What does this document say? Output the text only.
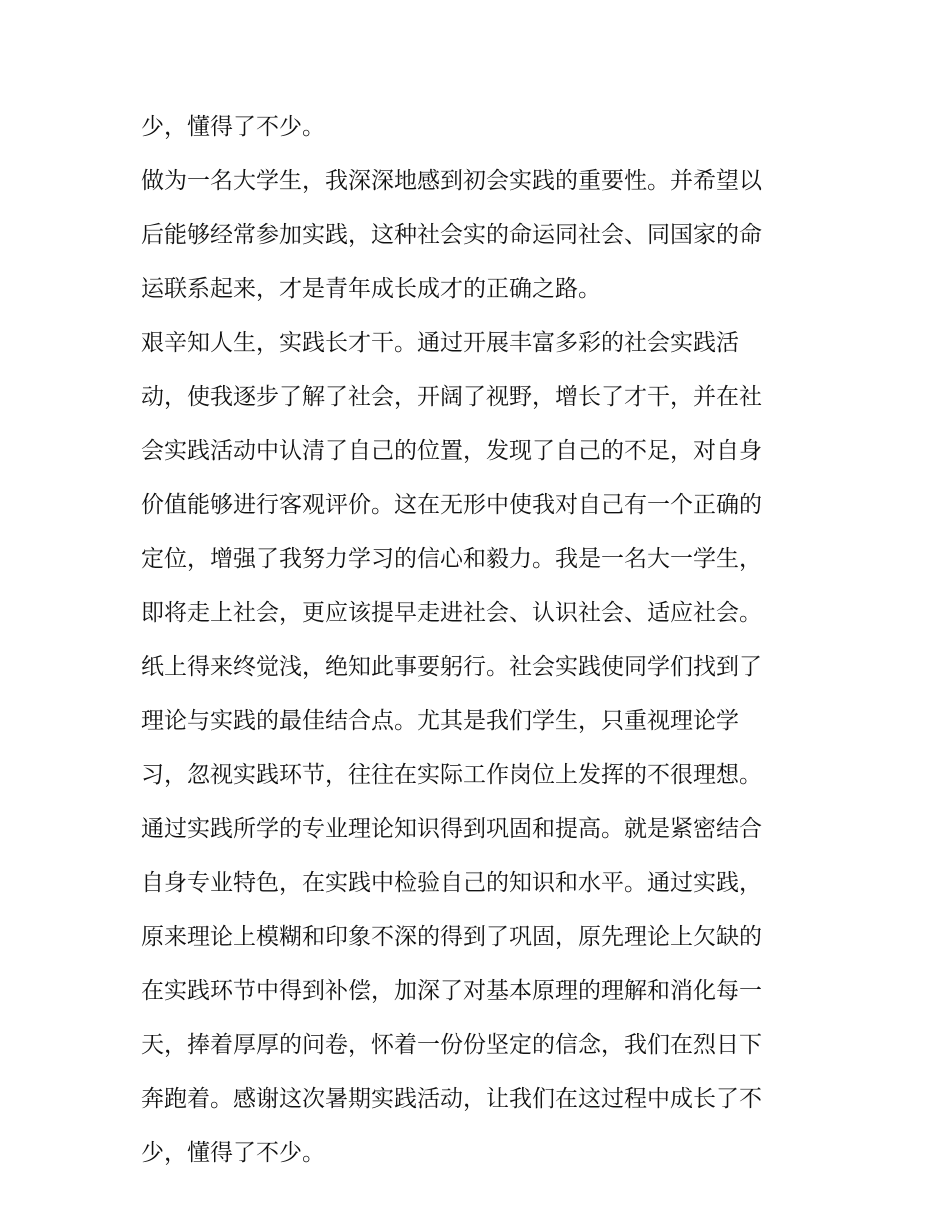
少，懂得了不少。
做为一名大学生，我深深地感到初会实践的重要性。并希望以
后能够经常参加实践，这种社会实的命运同社会、同国家的命
运联系起来，才是青年成长成才的正确之路。
艰辛知人生，实践长才干。通过开展丰富多彩的社会实践活
动，使我逐步了解了社会，开阔了视野，增长了才干，并在社
会实践活动中认清了自己的位置，发现了自己的不足，对自身
价值能够进行客观评价。这在无形中使我对自己有一个正确的
定位，增强了我努力学习的信心和毅力。我是一名大一学生，
即将走上社会，更应该提早走进社会、认识社会、适应社会。
纸上得来终觉浅，绝知此事要躬行。社会实践使同学们找到了
理论与实践的最佳结合点。尤其是我们学生，只重视理论学
习，忽视实践环节，往往在实际工作岗位上发挥的不很理想。
通过实践所学的专业理论知识得到巩固和提高。就是紧密结合
自身专业特色，在实践中检验自己的知识和水平。通过实践，
原来理论上模糊和印象不深的得到了巩固，原先理论上欠缺的
在实践环节中得到补偿，加深了对基本原理的理解和消化每一
天，捧着厚厚的问卷，怀着一份份坚定的信念，我们在烈日下
奔跑着。感谢这次暑期实践活动，让我们在这过程中成长了不
少，懂得了不少。
